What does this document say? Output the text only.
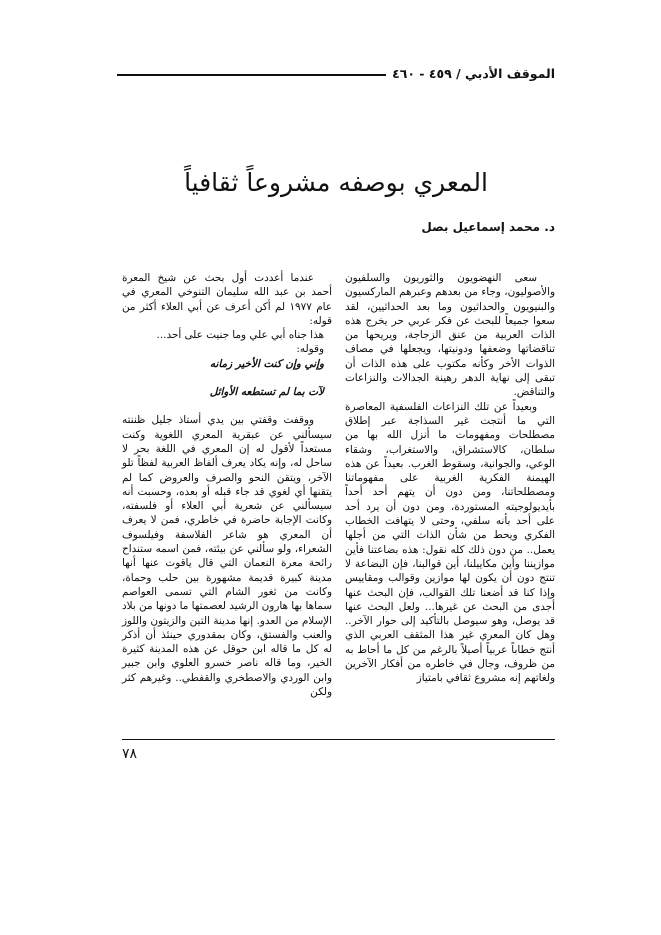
الموقف الأدبي / ٤٥٩ - ٤٦٠
المعري بوصفه مشروعاً ثقافياً
د. محمد إسماعيل بصل

سعى النهضويون والثوريون والسلفيون والأصوليون، وجاء من بعدهم وعبرهم الماركسيون والبنيويون والحداثيون وما بعد الحداثيين، لقد سعوا جميعاً للبحث عن فكر عربي حر يخرج هذه الذات العربية من عنق الزجاجة، ويريحها من تناقضاتها وضعفها ودونيتها، ويجعلها في مصاف الذوات الأخر وكأنه مكتوب على هذه الذات أن تبقى إلى نهاية الدهر رهينة الجدالات والنزاعات والتناقض.

وبعيداً عن تلك النزاعات الفلسفية المعاصرة التي ما أنتجت غير السذاجة عبر إطلاق مصطلحات ومفهومات ما أنزل الله بها من سلطان، كالاستشراق، والاستغراب، وشقاء الوعي، والجوانية، وسقوط الغرب. بعيداً عن هذه الهيمنة الفكرية الغربية على مفهوماتنا ومصطلحاتنا، ومن دون أن يتهم أحد أحداً بأيديولوجيته المستوردة، ومن دون أن يرد أحد على أحد بأنه سلفي، وحتى لا يتهافت الخطاب الفكري ويحط من شأن الذات التي من أجلها يعمل.. من دون ذلك كله نقول: هذه بضاعتنا فأين موازيننا وأين مكاييلنا، أين قوالبنا، فإن البضاعة لا تنتج دون أن يكون لها موازين وقوالب ومقاييس وإذا كنا قد أضعنا تلك القوالب، فإن البحث عنها أجدى من البحث عن غيرها... ولعل البحث عنها قد يوصل، وهو سيوصل بالتأكيد إلى حوار الآخر.. وهل كان المعري غير هذا المثقف العربي الذي أنتج خطاباً عربياً أصيلاً بالرغم من كل ما أحاط به من ظروف، وجال في خاطره من أفكار الآخرين ولغاتهم إنه مشروع ثقافي بامتياز

عندما أعددت أول بحث عن شيخ المعرة أحمد بن عبد الله سليمان التنوخي المعري في عام ١٩٧٧ لم أكن أعرف عن أبي العلاء أكثر من قوله:

هذا جناه أبي علي وما جنيت على أحد...

وقوله:

وإني وإن كنت الأخير زمانه

لآت بما لم تستطعه الأوائل

ووقفت وقفتي بين يدي أستاذ جليل ظننته سيسألني عن عبقرية المعري اللغوية وكنت مستعداً لأقول له إن المعري في اللغة بحر لا ساحل له، وإنه يكاد يعرف ألفاظ العربية لفظاً تلو الآخر، ويتقن النحو والصرف والعروض كما لم يتقنها أي لغوي قد جاء قبله أو بعده، وحسبت أنه سيسألني عن شعرية أبي العلاء أو فلسفته، وكانت الإجابة حاضرة في خاطري، فمن لا يعرف أن المعري هو شاعر الفلاسفة وفيلسوف الشعراء، ولو سألني عن بيئته، فمن اسمه ستنداح رائحة معرة النعمان التي قال ياقوت عنها أنها مدينة كبيرة قديمة مشهورة بين حلب وحماة، وكانت من ثغور الشام التي تسمى العواصم سماها بها هارون الرشيد لعصمتها ما دونها من بلاد الإسلام من العدو. إنها مدينة التين والزيتون واللوز والعنب والفستق، وكان بمقدوري حينئذ أن أذكر له كل ما قاله ابن حوقل عن هذه المدينة كثيرة الخير، وما قاله ناصر خسرو العلوي وابن جبير وابن الوردي والاصطخري والقفطي.. وغيرهم كثر ولكن

٧٨
